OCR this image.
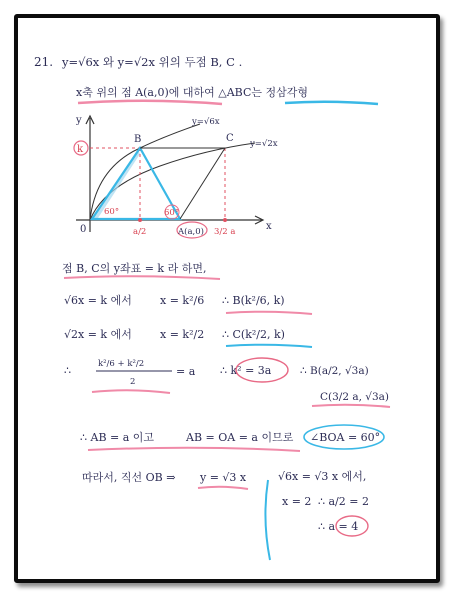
21. y=√6x 와 y=√2x 위의 두점 B, C .
x축 위의 점 A(a,0)에 대하여 △ABC는 정삼각형
y
x
0
y=√6x
y=√2x
B	C
k
60°	60°
A(a,0)
a/2	3/2 a
점 B, C의 y좌표 = k 라 하면,
√6x = k 에서	x = k²/6 ∴ B(k²/6, k)
√2x = k 에서	x = k²/2 ∴ C(k²/2, k)
∴	k²/6 + k²/2
2
= a ∴ k² = 3a	∴ B(a/2, √3a)
C(3/2 a, √3a)
∴ AB = a 이고	AB = OA = a 이므로 ∠BOA = 60°
따라서, 직선 OB ⇒ y = √3 x	√6x = √3 x 에서,
x = 2 ∴ a/2 = 2
∴ a = 4
